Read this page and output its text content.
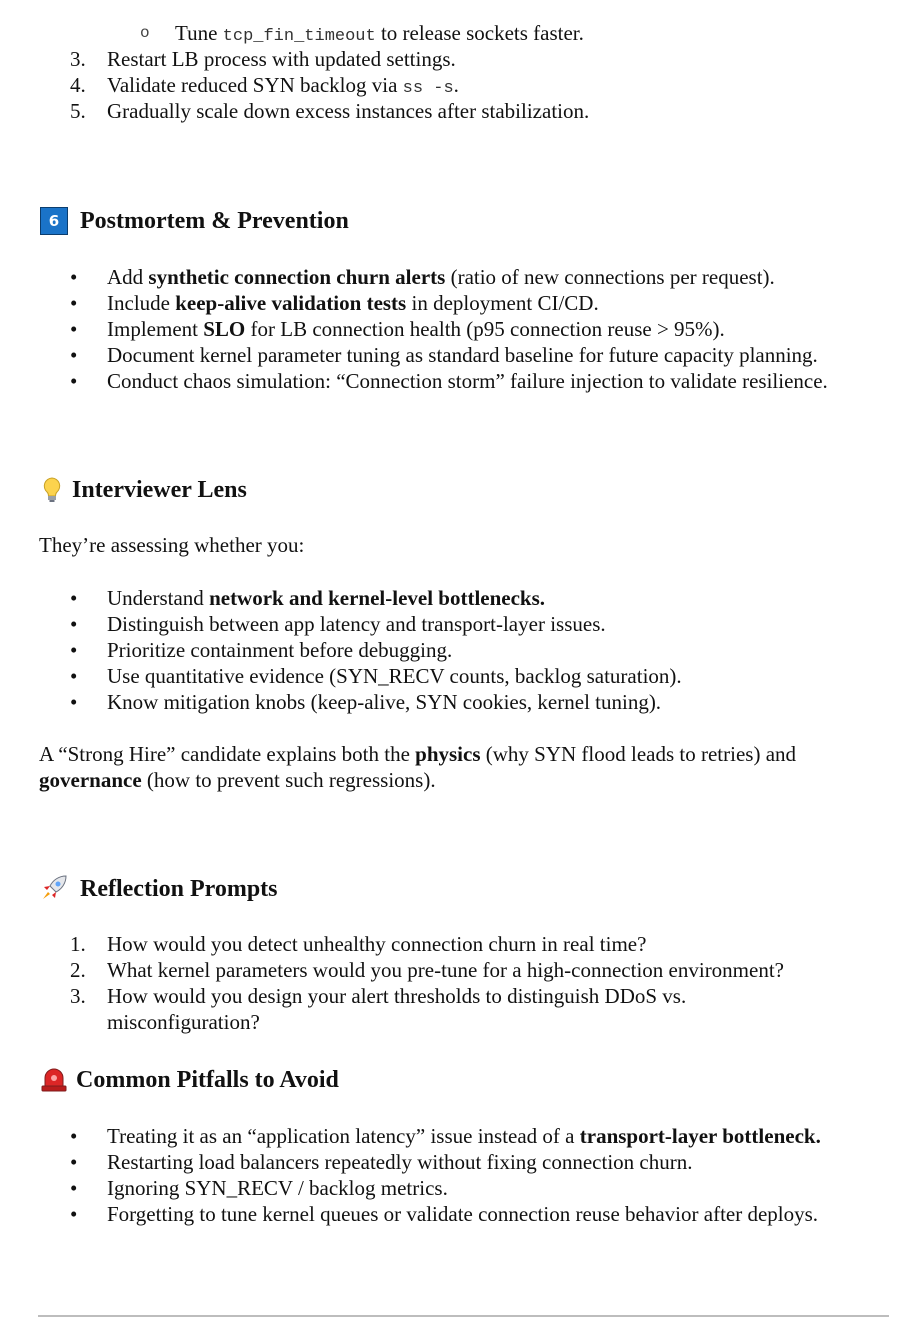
6 Postmortem & Prevention
Interviewer Lens
Reflection Prompts
Common Pitfalls to Avoid
o Tune tcp_fin_timeout to release sockets faster.
3. Restart LB process with updated settings.
4. Validate reduced SYN backlog via ss -s.
5. Gradually scale down excess instances after stabilization.
• Add synthetic connection churn alerts (ratio of new connections per request).
• Include keep-alive validation tests in deployment CI/CD.
• Implement SLO for LB connection health (p95 connection reuse > 95%).
• Document kernel parameter tuning as standard baseline for future capacity planning.
• Conduct chaos simulation: “Connection storm” failure injection to validate resilience.
• Understand network and kernel-level bottlenecks.
• Distinguish between app latency and transport-layer issues.
• Prioritize containment before debugging.
• Use quantitative evidence (SYN_RECV counts, backlog saturation).
• Know mitigation knobs (keep-alive, SYN cookies, kernel tuning).
A “Strong Hire” candidate explains both the physics (why SYN flood leads to retries) and
governance (how to prevent such regressions).
1. How would you detect unhealthy connection churn in real time?
2. What kernel parameters would you pre-tune for a high-connection environment?
3. How would you design your alert thresholds to distinguish DDoS vs.
misconfiguration?
• Treating it as an “application latency” issue instead of a transport-layer bottleneck.
• Restarting load balancers repeatedly without fixing connection churn.
• Ignoring SYN_RECV / backlog metrics.
• Forgetting to tune kernel queues or validate connection reuse behavior after deploys.
They’re assessing whether you:
